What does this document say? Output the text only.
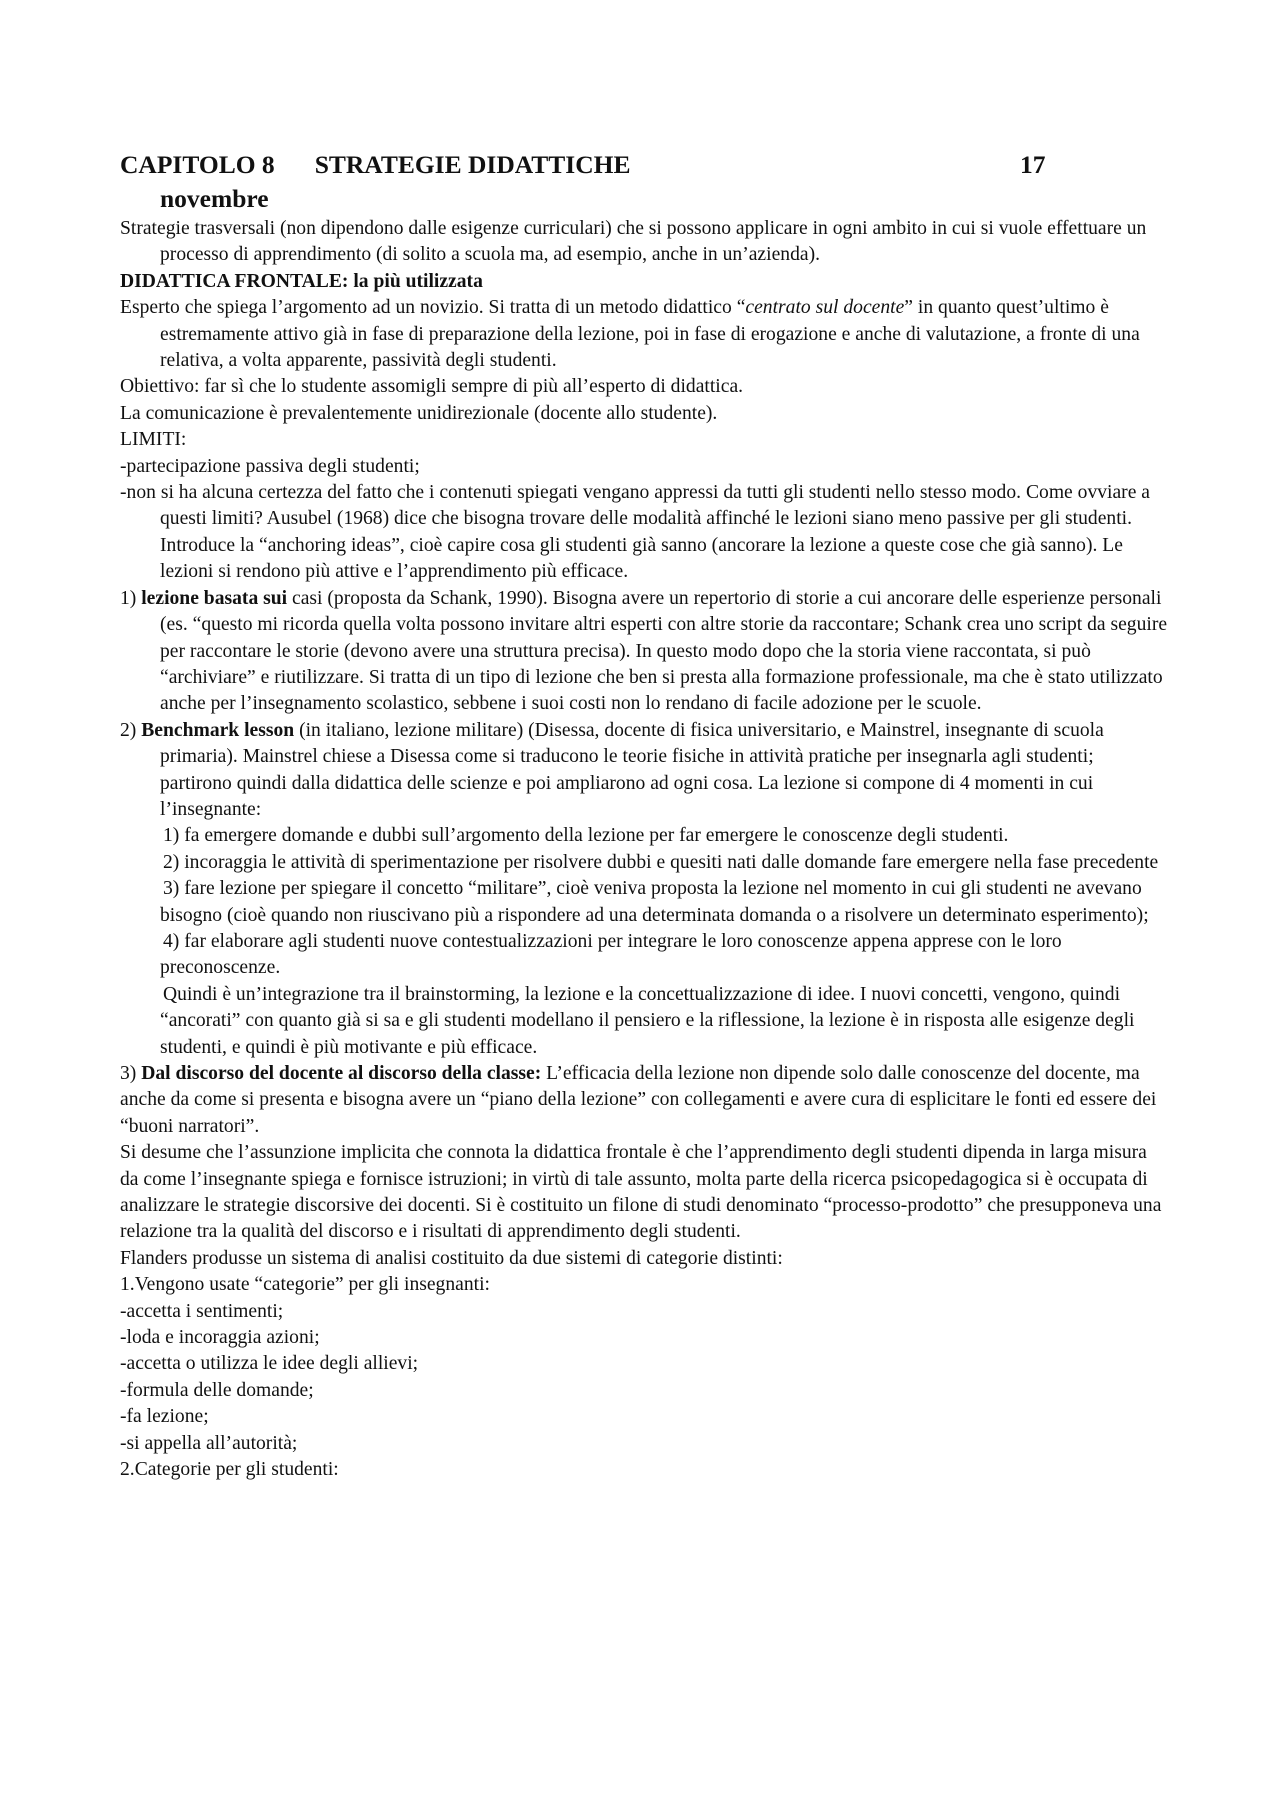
CAPITOLO 8 STRATEGIE DIDATTICHE	17
novembre

Strategie trasversali (non dipendono dalle esigenze curriculari) che si possono applicare in ogni ambito in cui si vuole effettuare un processo di apprendimento (di solito a scuola ma, ad esempio, anche in un’azienda).

DIDATTICA FRONTALE: la più utilizzata

Esperto che spiega l’argomento ad un novizio. Si tratta di un metodo didattico “centrato sul docente” in quanto quest’ultimo è estremamente attivo già in fase di preparazione della lezione, poi in fase di erogazione e anche di valutazione, a fronte di una relativa, a volta apparente, passività degli studenti.

Obiettivo: far sì che lo studente assomigli sempre di più all’esperto di didattica.

La comunicazione è prevalentemente unidirezionale (docente allo studente).

LIMITI:

-partecipazione passiva degli studenti;

-non si ha alcuna certezza del fatto che i contenuti spiegati vengano appressi da tutti gli studenti nello stesso modo. Come ovviare a questi limiti? Ausubel (1968) dice che bisogna trovare delle modalità affinché le lezioni siano meno passive per gli studenti. Introduce la “anchoring ideas”, cioè capire cosa gli studenti già sanno (ancorare la lezione a queste cose che già sanno). Le lezioni si rendono più attive e l’apprendimento più efficace.

1) lezione basata sui casi (proposta da Schank, 1990). Bisogna avere un repertorio di storie a cui ancorare delle esperienze personali (es. “questo mi ricorda quella volta possono invitare altri esperti con altre storie da raccontare; Schank crea uno script da seguire per raccontare le storie (devono avere una struttura precisa). In questo modo dopo che la storia viene raccontata, si può “archiviare” e riutilizzare. Si tratta di un tipo di lezione che ben si presta alla formazione professionale, ma che è stato utilizzato anche per l’insegnamento scolastico, sebbene i suoi costi non lo rendano di facile adozione per le scuole.

2) Benchmark lesson (in italiano, lezione militare) (Disessa, docente di fisica universitario, e Mainstrel, insegnante di scuola primaria). Mainstrel chiese a Disessa come si traducono le teorie fisiche in attività pratiche per insegnarla agli studenti; partirono quindi dalla didattica delle scienze e poi ampliarono ad ogni cosa. La lezione si compone di 4 momenti in cui l’insegnante:

1) fa emergere domande e dubbi sull’argomento della lezione per far emergere le conoscenze degli studenti.

2) incoraggia le attività di sperimentazione per risolvere dubbi e quesiti nati dalle domande fare emergere nella fase precedente

3) fare lezione per spiegare il concetto “militare”, cioè veniva proposta la lezione nel momento in cui gli studenti ne avevano bisogno (cioè quando non riuscivano più a rispondere ad una determinata domanda o a risolvere un determinato esperimento);

4) far elaborare agli studenti nuove contestualizzazioni per integrare le loro conoscenze appena apprese con le loro preconoscenze.

Quindi è un’integrazione tra il brainstorming, la lezione e la concettualizzazione di idee. I nuovi concetti, vengono, quindi “ancorati” con quanto già si sa e gli studenti modellano il pensiero e la riflessione, la lezione è in risposta alle esigenze degli studenti, e quindi è più motivante e più efficace.

3) Dal discorso del docente al discorso della classe: L’efficacia della lezione non dipende solo dalle conoscenze del docente, ma anche da come si presenta e bisogna avere un “piano della lezione” con collegamenti e avere cura di esplicitare le fonti ed essere dei “buoni narratori”.

Si desume che l’assunzione implicita che connota la didattica frontale è che l’apprendimento degli studenti dipenda in larga misura da come l’insegnante spiega e fornisce istruzioni; in virtù di tale assunto, molta parte della ricerca psicopedagogica si è occupata di analizzare le strategie discorsive dei docenti. Si è costituito un filone di studi denominato “processo-prodotto” che presupponeva una relazione tra la qualità del discorso e i risultati di apprendimento degli studenti.

Flanders produsse un sistema di analisi costituito da due sistemi di categorie distinti:

1.Vengono usate “categorie” per gli insegnanti:

-accetta i sentimenti;

-loda e incoraggia azioni;

-accetta o utilizza le idee degli allievi;

-formula delle domande;

-fa lezione;

-si appella all’autorità;

2.Categorie per gli studenti:
